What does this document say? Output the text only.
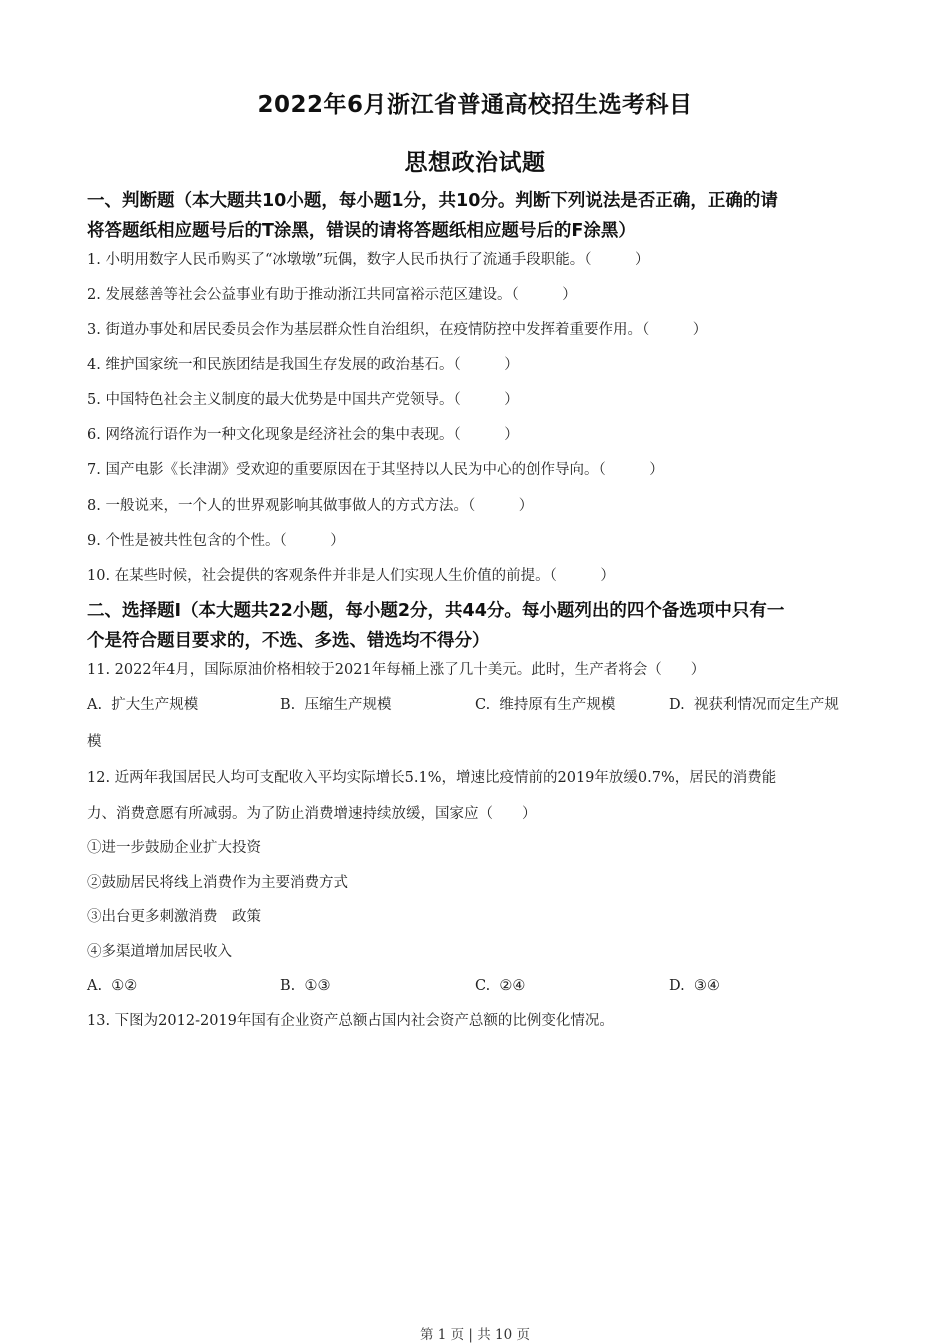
2022年6月浙江省普通高校招生选考科目
思想政治试题
一、判断题（本大题共10小题，每小题1分，共10分。判断下列说法是否正确，正确的请
将答题纸相应题号后的T涂黑，错误的请将答题纸相应题号后的F涂黑）
1. 小明用数字人民币购买了“冰墩墩”玩偶，数字人民币执行了流通手段职能。（　　　）
2. 发展慈善等社会公益事业有助于推动浙江共同富裕示范区建设。（　　　）
3. 街道办事处和居民委员会作为基层群众性自治组织，在疫情防控中发挥着重要作用。（　　　）
4. 维护国家统一和民族团结是我国生存发展的政治基石。（　　　）
5. 中国特色社会主义制度的最大优势是中国共产党领导。（　　　）
6. 网络流行语作为一种文化现象是经济社会的集中表现。（　　　）
7. 国产电影《长津湖》受欢迎的重要原因在于其坚持以人民为中心的创作导向。（　　　）
8. 一般说来，一个人的世界观影响其做事做人的方式方法。（　　　）
9. 个性是被共性包含的个性。（　　　）
10. 在某些时候，社会提供的客观条件并非是人们实现人生价值的前提。（　　　）
二、选择题Ⅰ（本大题共22小题，每小题2分，共44分。每小题列出的四个备选项中只有一
个是符合题目要求的，不选、多选、错选均不得分）
11. 2022年4月，国际原油价格相较于2021年每桶上涨了几十美元。此时，生产者将会（　　）
A.  扩大生产规模	B.  压缩生产规模	C.  维持原有生产规模	D.  视获利情况而定生产规
模
12. 近两年我国居民人均可支配收入平均实际增长5.1%，增速比疫情前的2019年放缓0.7%，居民的消费能
力、消费意愿有所减弱。为了防止消费增速持续放缓，国家应（　　）
①进一步鼓励企业扩大投资
②鼓励居民将线上消费作为主要消费方式
③出台更多刺激消费　政策
④多渠道增加居民收入
A.  ①②	B.  ①③	C.  ②④	D.  ③④
13. 下图为2012-2019年国有企业资产总额占国内社会资产总额的比例变化情况。
第 1 页 | 共 10 页
